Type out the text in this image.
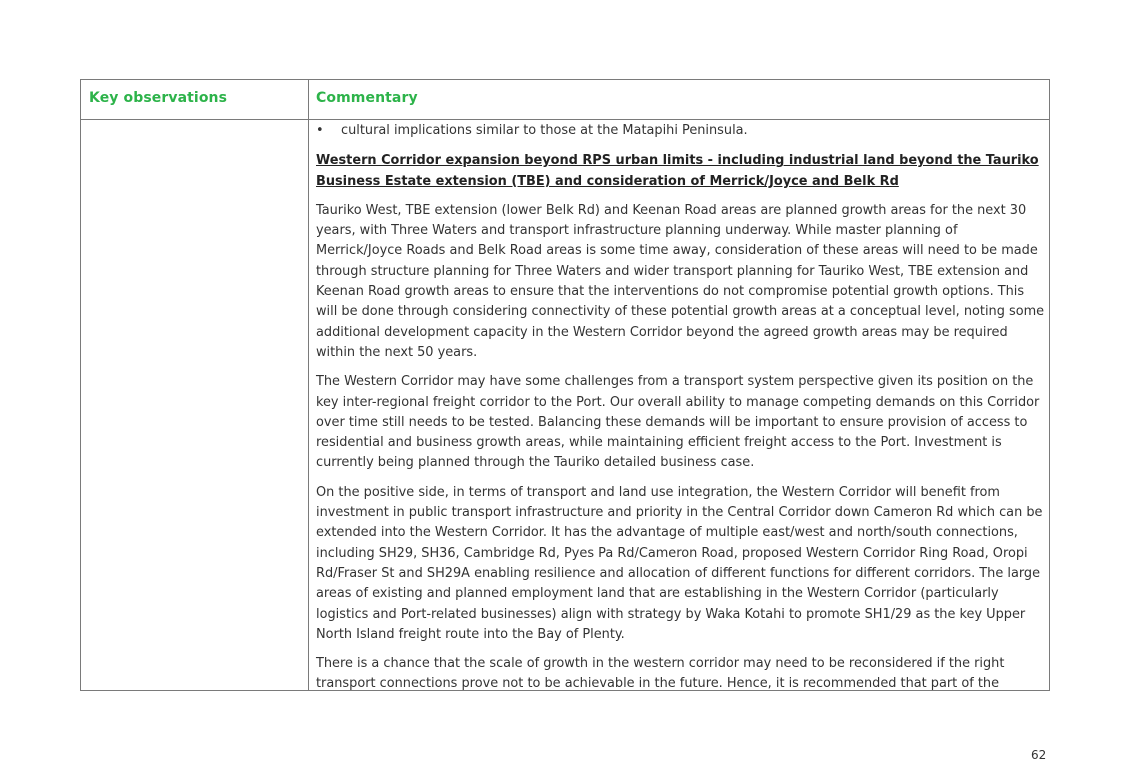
Key observations	Commentary
• cultural implications similar to those at the Matapihi Peninsula.
Western Corridor expansion beyond RPS urban limits - including industrial land beyond the Tauriko Business Estate extension (TBE) and consideration of Merrick/Joyce and Belk Rd
Tauriko West, TBE extension (lower Belk Rd) and Keenan Road areas are planned growth areas for the next 30 years, with Three Waters and transport infrastructure planning underway. While master planning of Merrick/Joyce Roads and Belk Road areas is some time away, consideration of these areas will need to be made through structure planning for Three Waters and wider transport planning for Tauriko West, TBE extension and Keenan Road growth areas to ensure that the interventions do not compromise potential growth options. This will be done through considering connectivity of these potential growth areas at a conceptual level, noting some additional development capacity in the Western Corridor beyond the agreed growth areas may be required within the next 50 years.
The Western Corridor may have some challenges from a transport system perspective given its position on the key inter-regional freight corridor to the Port. Our overall ability to manage competing demands on this Corridor over time still needs to be tested. Balancing these demands will be important to ensure provision of access to residential and business growth areas, while maintaining efficient freight access to the Port. Investment is currently being planned through the Tauriko detailed business case.
On the positive side, in terms of transport and land use integration, the Western Corridor will benefit from investment in public transport infrastructure and priority in the Central Corridor down Cameron Rd which can be extended into the Western Corridor. It has the advantage of multiple east/west and north/south connections, including SH29, SH36, Cambridge Rd, Pyes Pa Rd/Cameron Road, proposed Western Corridor Ring Road, Oropi Rd/Fraser St and SH29A enabling resilience and allocation of different functions for different corridors. The large areas of existing and planned employment land that are establishing in the Western Corridor (particularly logistics and Port-related businesses) align with strategy by Waka Kotahi to promote SH1/29 as the key Upper North Island freight route into the Bay of Plenty.
There is a chance that the scale of growth in the western corridor may need to be reconsidered if the right transport connections prove not to be achievable in the future. Hence, it is recommended that part of the
62
